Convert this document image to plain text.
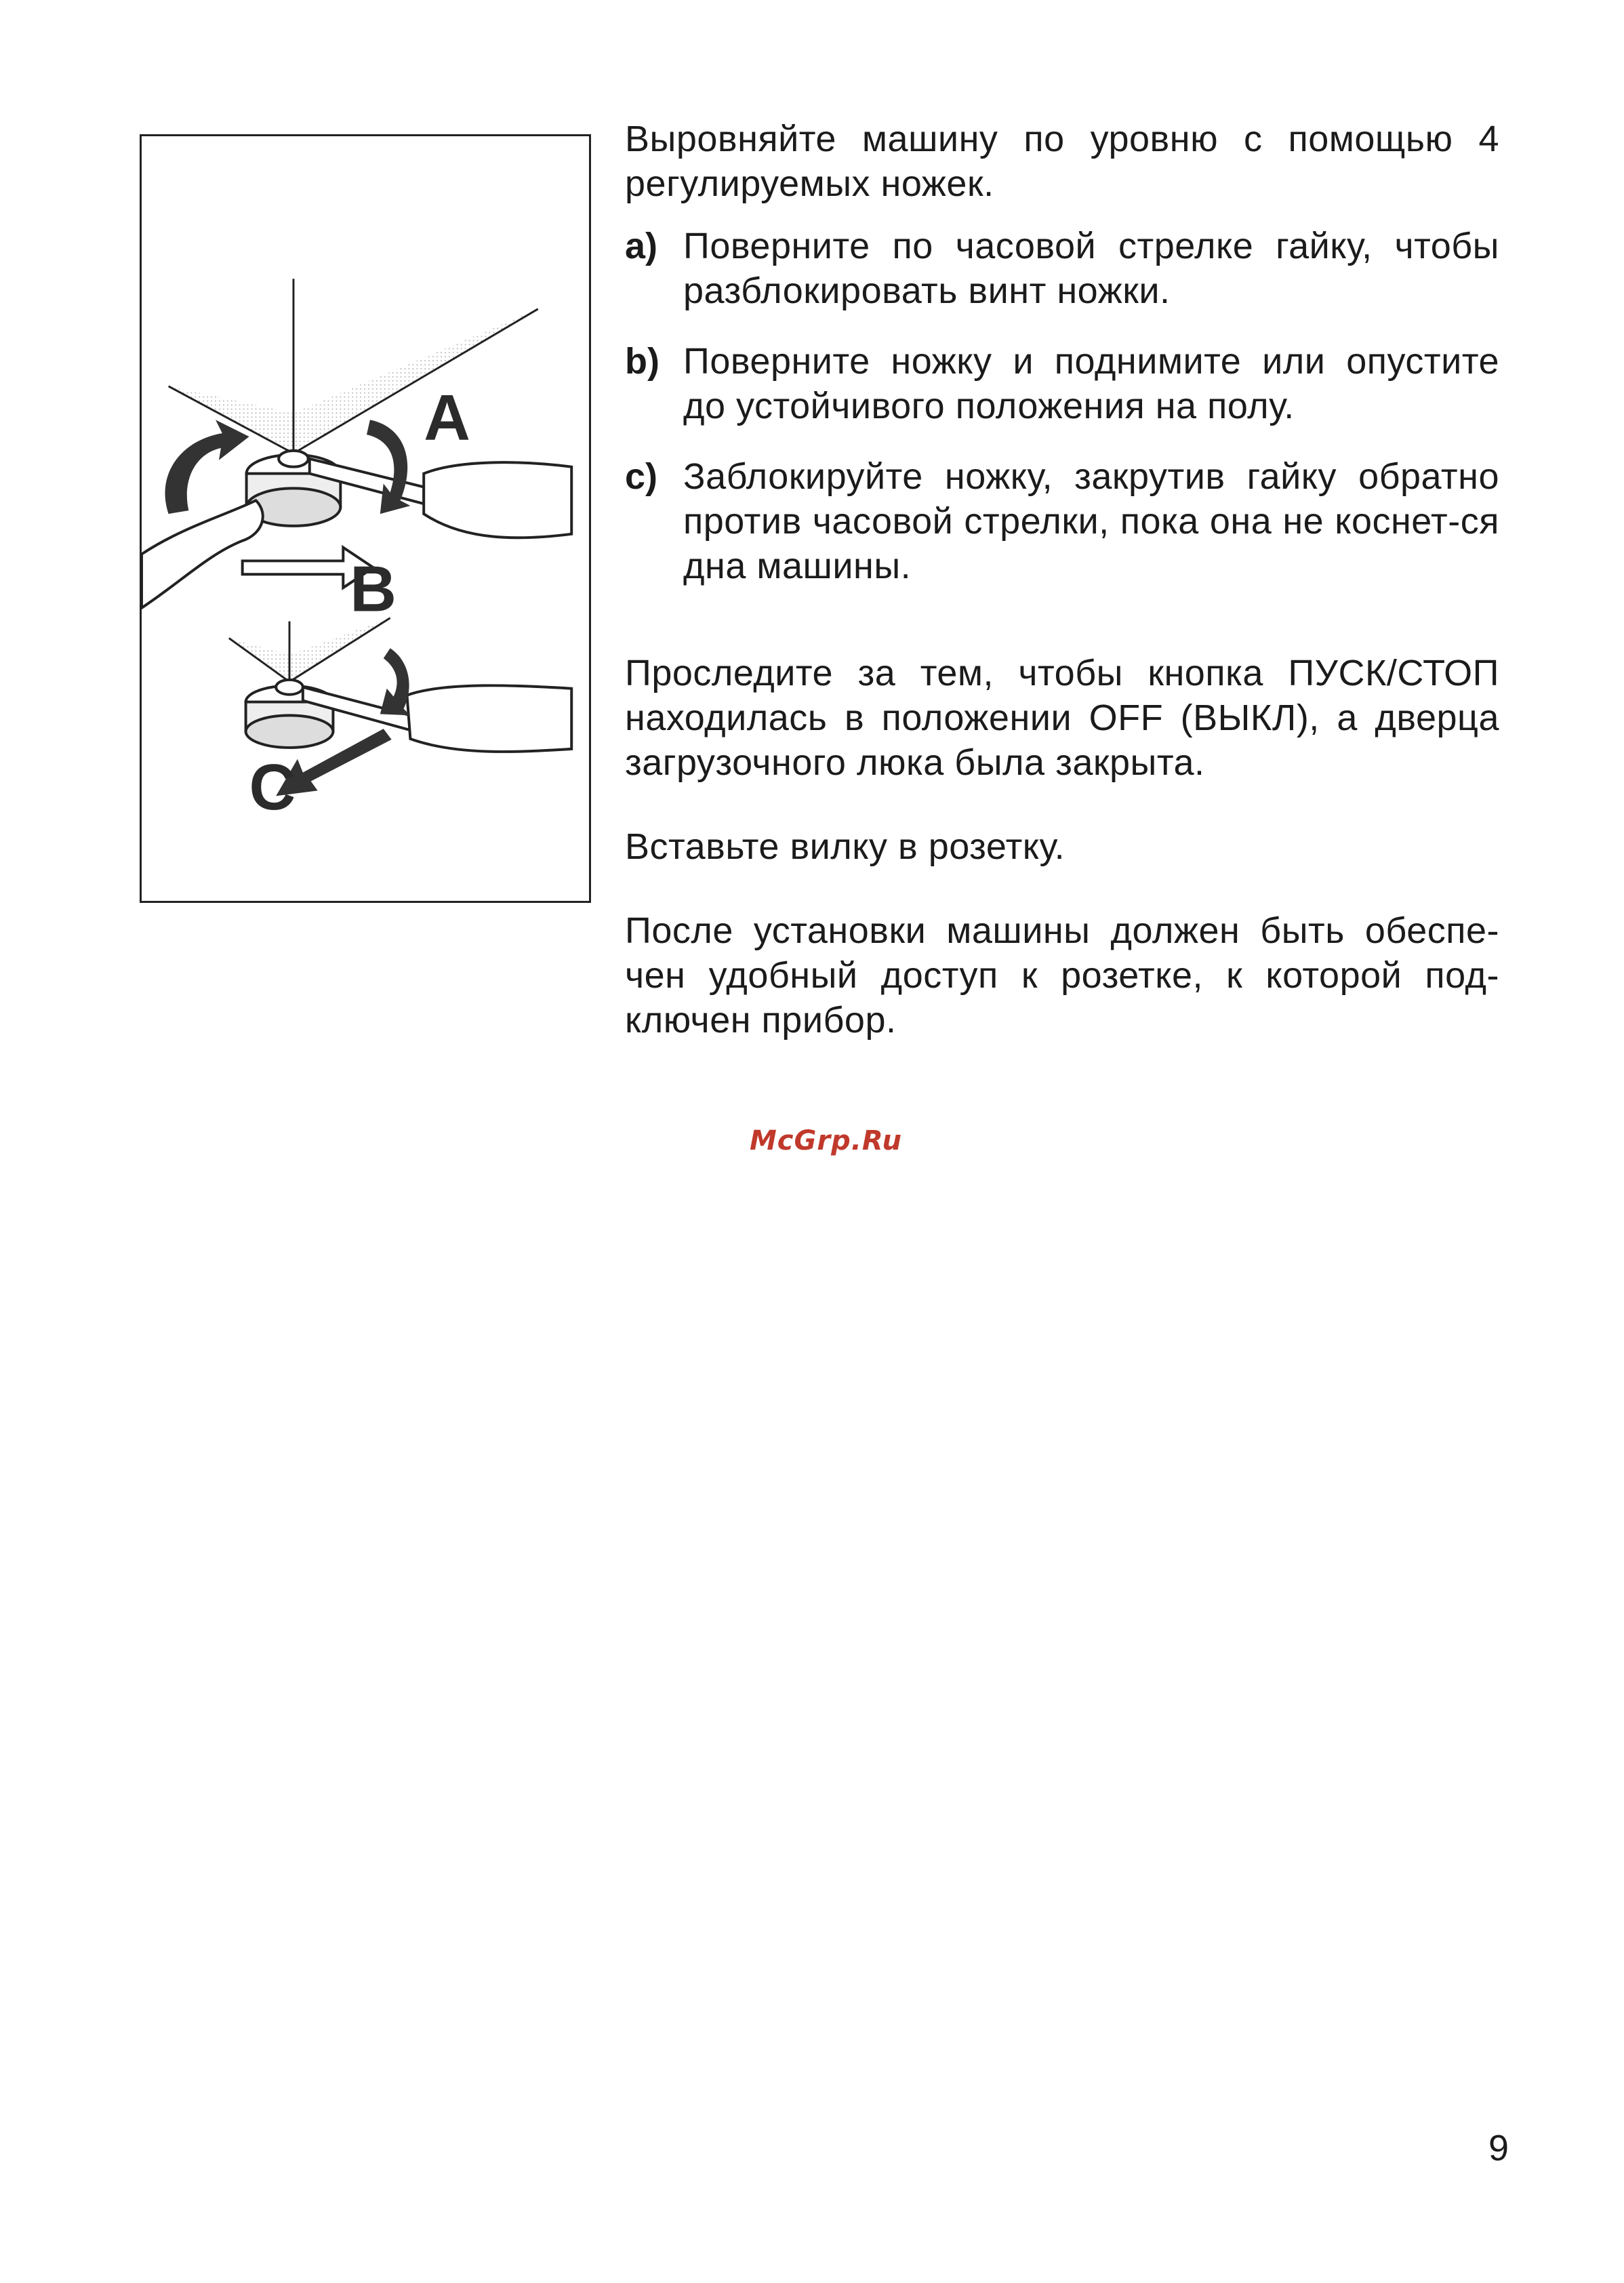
A
B
C

Выровняйте машину по уровню с помощью 4 регулируемых ножек.

a) Поверните по часовой стрелке гайку, чтобы разблокировать винт ножки.
b) Поверните ножку и поднимите или опустите до устойчивого положения на полу.
c) Заблокируйте ножку, закрутив гайку обратно против часовой стрелки, пока она не коснет-ся дна машины.

Проследите за тем, чтобы кнопка ПУСК/СТОП находилась в положении OFF (ВЫКЛ), а дверца загрузочного люка была закрыта.

Вставьте вилку в розетку.

После установки машины должен быть обеспе-чен удобный доступ к розетке, к которой под-ключен прибор.

McGrp.Ru
9
